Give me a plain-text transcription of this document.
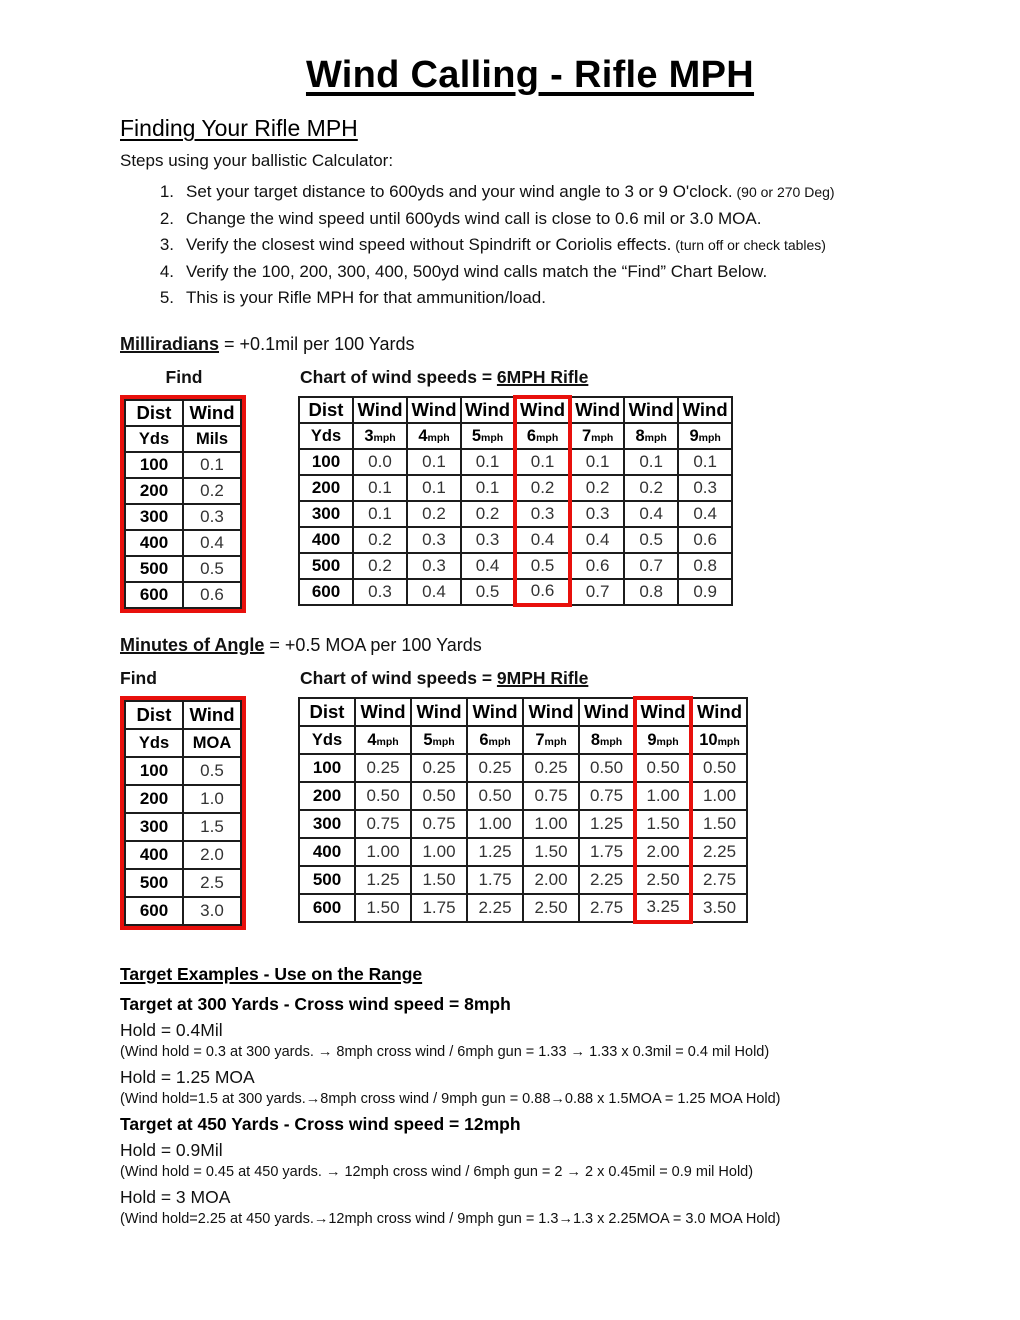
Wind Calling - Rifle MPH
Finding Your Rifle MPH

Steps using your ballistic Calculator:

1. Set your target distance to 600yds and your wind angle to 3 or 9 O'clock. (90 or 270 Deg)
2. Change the wind speed until 600yds wind call is close to 0.6 mil or 3.0 MOA.
3. Verify the closest wind speed without Spindrift or Coriolis effects. (turn off or check tables)
4. Verify the 100, 200, 300, 400, 500yd wind calls match the “Find” Chart Below.
5. This is your Rifle MPH for that ammunition/load.

Milliradians = +0.1mil per 100 Yards

Find	Chart of wind speeds = 6MPH Rifle
Dist	Wind
Yds	Mils
100	0.1
200	0.2
300	0.3
400	0.4
500	0.5
600	0.6
Dist	Wind	Wind	Wind	Wind	Wind	Wind	Wind
Yds	3mph	4mph	5mph	6mph	7mph	8mph	9mph
100	0.0	0.1	0.1	0.1	0.1	0.1	0.1
200	0.1	0.1	0.1	0.2	0.2	0.2	0.3
300	0.1	0.2	0.2	0.3	0.3	0.4	0.4
400	0.2	0.3	0.3	0.4	0.4	0.5	0.6
500	0.2	0.3	0.4	0.5	0.6	0.7	0.8
600	0.3	0.4	0.5	0.6	0.7	0.8	0.9

Minutes of Angle = +0.5 MOA per 100 Yards

Find	Chart of wind speeds = 9MPH Rifle
Dist	Wind
Yds	MOA
100	0.5
200	1.0
300	1.5
400	2.0
500	2.5
600	3.0
Dist	Wind	Wind	Wind	Wind	Wind	Wind	Wind
Yds	4mph	5mph	6mph	7mph	8mph	9mph	10mph
100	0.25	0.25	0.25	0.25	0.50	0.50	0.50
200	0.50	0.50	0.50	0.75	0.75	1.00	1.00
300	0.75	0.75	1.00	1.00	1.25	1.50	1.50
400	1.00	1.00	1.25	1.50	1.75	2.00	2.25
500	1.25	1.50	1.75	2.00	2.25	2.50	2.75
600	1.50	1.75	2.25	2.50	2.75	3.25	3.50

Target Examples - Use on the Range

Target at 300 Yards - Cross wind speed = 8mph

Hold = 0.4Mil

(Wind hold = 0.3 at 300 yards. → 8mph cross wind / 6mph gun = 1.33 → 1.33 x 0.3mil = 0.4 mil Hold)

Hold = 1.25 MOA

(Wind hold=1.5 at 300 yards.→8mph cross wind / 9mph gun = 0.88→0.88 x 1.5MOA = 1.25 MOA Hold)

Target at 450 Yards - Cross wind speed = 12mph

Hold = 0.9Mil

(Wind hold = 0.45 at 450 yards. → 12mph cross wind / 6mph gun = 2 → 2 x 0.45mil = 0.9 mil Hold)

Hold = 3 MOA

(Wind hold=2.25 at 450 yards.→12mph cross wind / 9mph gun = 1.3→1.3 x 2.25MOA = 3.0 MOA Hold)
